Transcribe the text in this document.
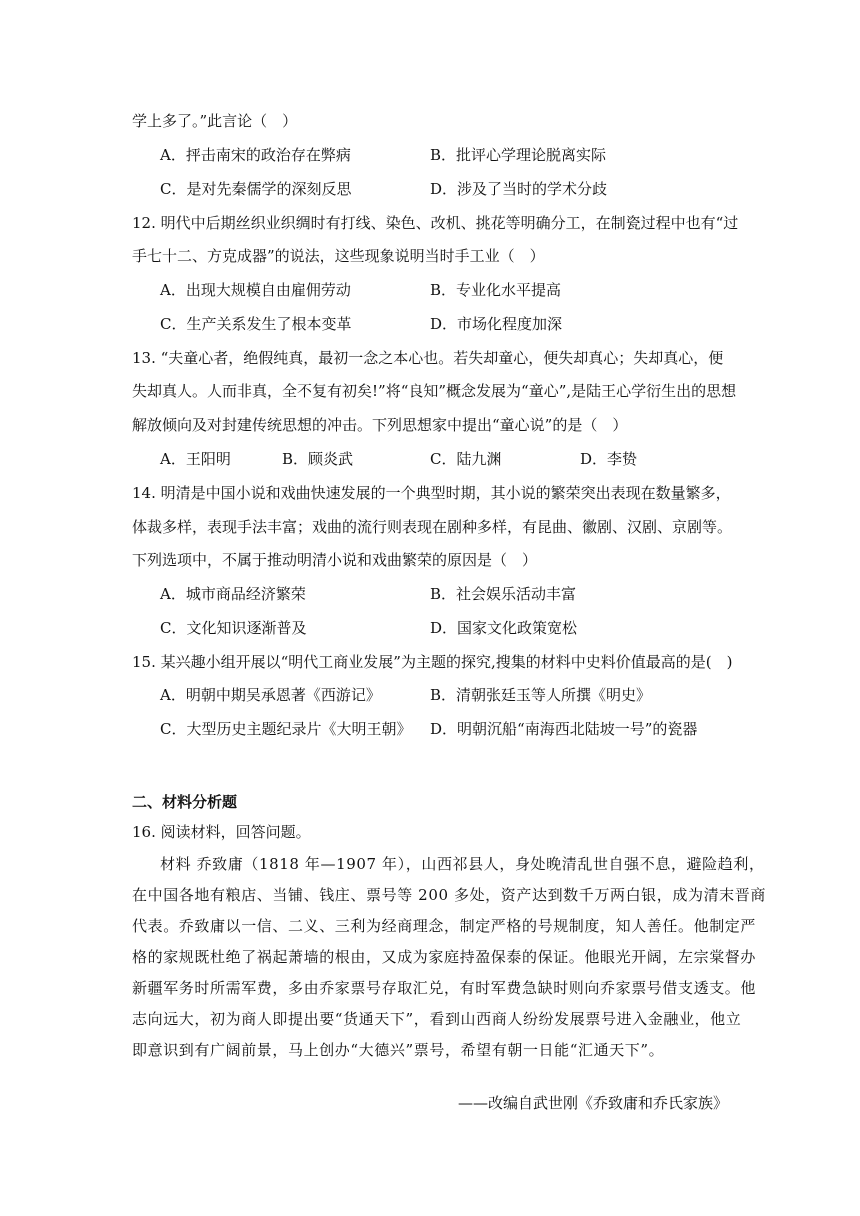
学上多了。”此言论（　）
A．抨击南宋的政治存在弊病	B．批评心学理论脱离实际
C．是对先秦儒学的深刻反思	D．涉及了当时的学术分歧
12. 明代中后期丝织业织绸时有打线、染色、改机、挑花等明确分工，在制瓷过程中也有“过
手七十二、方克成器”的说法，这些现象说明当时手工业（　）
A．出现大规模自由雇佣劳动	B．专业化水平提高
C．生产关系发生了根本变革	D．市场化程度加深
13. “夫童心者，绝假纯真，最初一念之本心也。若失却童心，便失却真心；失却真心，便
失却真人。人而非真，全不复有初矣!”将“良知”概念发展为“童心”,是陆王心学衍生出的思想
解放倾向及对封建传统思想的冲击。下列思想家中提出“童心说”的是（　）
A．王阳明	B．顾炎武	C．陆九渊	D．李贽
14. 明清是中国小说和戏曲快速发展的一个典型时期，其小说的繁荣突出表现在数量繁多，
体裁多样，表现手法丰富；戏曲的流行则表现在剧种多样，有昆曲、徽剧、汉剧、京剧等。
下列选项中，不属于推动明清小说和戏曲繁荣的原因是（　）
A．城市商品经济繁荣	B．社会娱乐活动丰富
C．文化知识逐渐普及	D．国家文化政策宽松
15. 某兴趣小组开展以“明代工商业发展”为主题的探究,搜集的材料中史料价值最高的是(　)
A．明朝中期吴承恩著《西游记》	B．清朝张廷玉等人所撰《明史》
C．大型历史主题纪录片《大明王朝》 D．明朝沉船“南海西北陆坡一号”的瓷器
二、材料分析题
16. 阅读材料，回答问题。
材料 乔致庸（1818 年—1907 年），山西祁县人，身处晚清乱世自强不息，避险趋利，
在中国各地有粮店、当铺、钱庄、票号等 200 多处，资产达到数千万两白银，成为清末晋商
代表。乔致庸以一信、二义、三利为经商理念，制定严格的号规制度，知人善任。他制定严
格的家规既杜绝了祸起萧墙的根由，又成为家庭持盈保泰的保证。他眼光开阔，左宗棠督办
新疆军务时所需军费，多由乔家票号存取汇兑，有时军费急缺时则向乔家票号借支透支。他
志向远大，初为商人即提出要“货通天下”，看到山西商人纷纷发展票号进入金融业，他立
即意识到有广阔前景，马上创办“大德兴”票号，希望有朝一日能“汇通天下”。
——改编自武世刚《乔致庸和乔氏家族》
